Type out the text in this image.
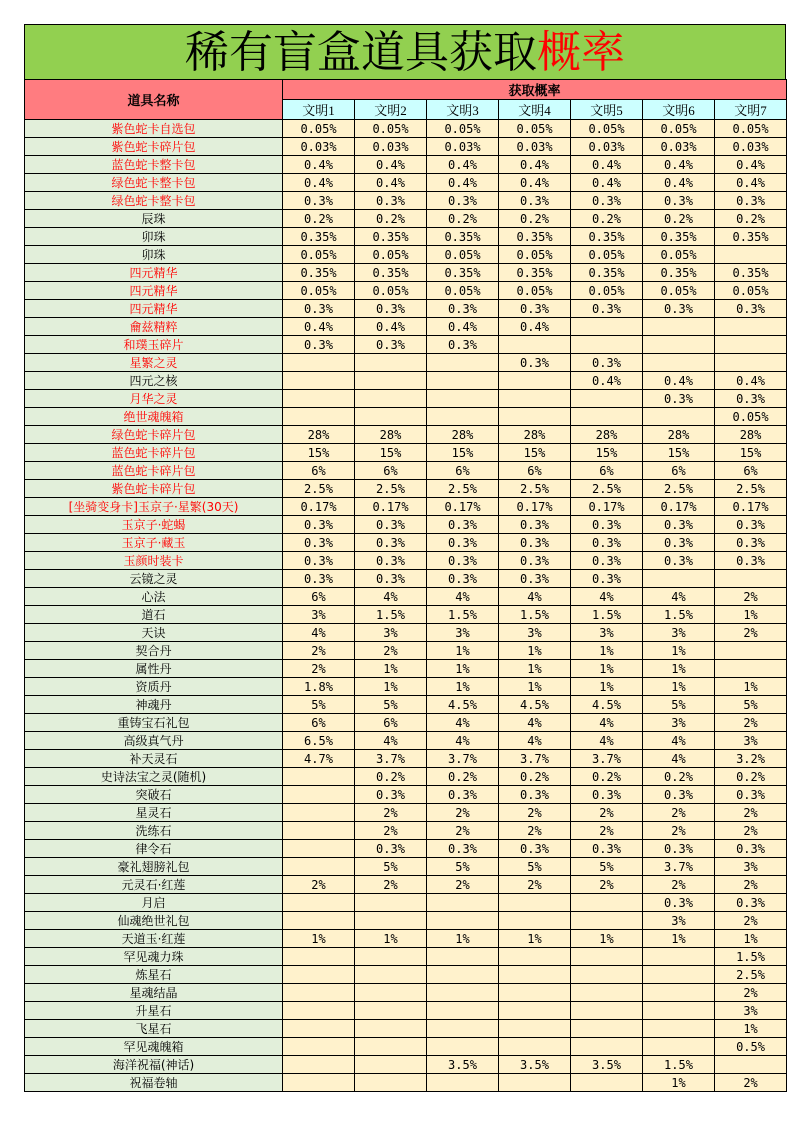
稀有盲盒道具获取概率
道具名称	获取概率						
	文明1	文明2	文明3	文明4	文明5	文明6	文明7
紫色蛇卡自选包	0.05%	0.05%	0.05%	0.05%	0.05%	0.05%	0.05%
紫色蛇卡碎片包	0.03%	0.03%	0.03%	0.03%	0.03%	0.03%	0.03%
蓝色蛇卡整卡包	0.4%	0.4%	0.4%	0.4%	0.4%	0.4%	0.4%
绿色蛇卡整卡包	0.4%	0.4%	0.4%	0.4%	0.4%	0.4%	0.4%
绿色蛇卡整卡包	0.3%	0.3%	0.3%	0.3%	0.3%	0.3%	0.3%
辰珠	0.2%	0.2%	0.2%	0.2%	0.2%	0.2%	0.2%
卯珠	0.35%	0.35%	0.35%	0.35%	0.35%	0.35%	0.35%
卯珠	0.05%	0.05%	0.05%	0.05%	0.05%	0.05%	
四元精华	0.35%	0.35%	0.35%	0.35%	0.35%	0.35%	0.35%
四元精华	0.05%	0.05%	0.05%	0.05%	0.05%	0.05%	0.05%
四元精华	0.3%	0.3%	0.3%	0.3%	0.3%	0.3%	0.3%
龠兹精粹	0.4%	0.4%	0.4%	0.4%			
和璞玉碎片	0.3%	0.3%	0.3%				
星繁之灵				0.3%	0.3%		
四元之核					0.4%	0.4%	0.4%
月华之灵						0.3%	0.3%
绝世魂魄箱							0.05%
绿色蛇卡碎片包	28%	28%	28%	28%	28%	28%	28%
蓝色蛇卡碎片包	15%	15%	15%	15%	15%	15%	15%
蓝色蛇卡碎片包	6%	6%	6%	6%	6%	6%	6%
紫色蛇卡碎片包	2.5%	2.5%	2.5%	2.5%	2.5%	2.5%	2.5%
[坐骑变身卡]玉京子·星繁(30天)	0.17%	0.17%	0.17%	0.17%	0.17%	0.17%	0.17%
玉京子·蛇蝎	0.3%	0.3%	0.3%	0.3%	0.3%	0.3%	0.3%
玉京子·藏玉	0.3%	0.3%	0.3%	0.3%	0.3%	0.3%	0.3%
玉颜时装卡	0.3%	0.3%	0.3%	0.3%	0.3%	0.3%	0.3%
云镜之灵	0.3%	0.3%	0.3%	0.3%	0.3%		
心法	6%	4%	4%	4%	4%	4%	2%
道石	3%	1.5%	1.5%	1.5%	1.5%	1.5%	1%
天诀	4%	3%	3%	3%	3%	3%	2%
契合丹	2%	2%	1%	1%	1%	1%	
属性丹	2%	1%	1%	1%	1%	1%	
资质丹	1.8%	1%	1%	1%	1%	1%	1%
神魂丹	5%	5%	4.5%	4.5%	4.5%	5%	5%
重铸宝石礼包	6%	6%	4%	4%	4%	3%	2%
高级真气丹	6.5%	4%	4%	4%	4%	4%	3%
补天灵石	4.7%	3.7%	3.7%	3.7%	3.7%	4%	3.2%
史诗法宝之灵(随机)		0.2%	0.2%	0.2%	0.2%	0.2%	0.2%
突破石		0.3%	0.3%	0.3%	0.3%	0.3%	0.3%
星灵石		2%	2%	2%	2%	2%	2%
洗练石		2%	2%	2%	2%	2%	2%
律令石		0.3%	0.3%	0.3%	0.3%	0.3%	0.3%
豪礼翅膀礼包		5%	5%	5%	5%	3.7%	3%
元灵石·红莲	2%	2%	2%	2%	2%	2%	2%
月启						0.3%	0.3%
仙魂绝世礼包						3%	2%
天道玉·红莲	1%	1%	1%	1%	1%	1%	1%
罕见魂力珠							1.5%
炼星石							2.5%
星魂结晶							2%
升星石							3%
飞星石							1%
罕见魂魄箱							0.5%
海洋祝福(神话)			3.5%	3.5%	3.5%	1.5%	
祝福卷轴						1%	2%
